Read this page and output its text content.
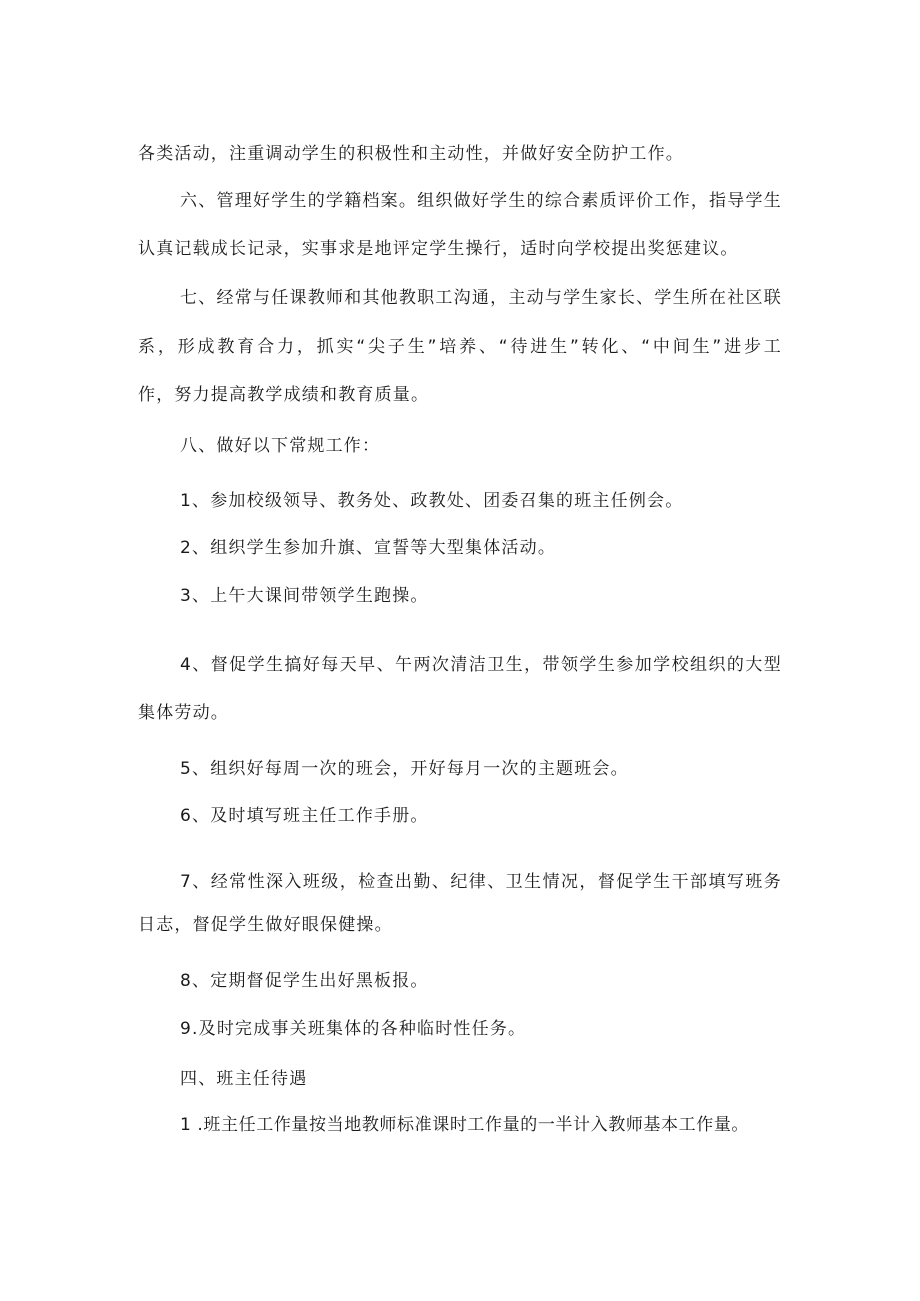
各类活动，注重调动学生的积极性和主动性，并做好安全防护工作。

六、管理好学生的学籍档案。组织做好学生的综合素质评价工作，指导学生

认真记载成长记录，实事求是地评定学生操行，适时向学校提出奖惩建议。

七、经常与任课教师和其他教职工沟通，主动与学生家长、学生所在社区联

系，形成教育合力，抓实“尖子生”培养、“待进生”转化、“中间生”进步工

作，努力提高教学成绩和教育质量。

八、做好以下常规工作：

1、参加校级领导、教务处、政教处、团委召集的班主任例会。

2、组织学生参加升旗、宣誓等大型集体活动。

3、上午大课间带领学生跑操。

4、督促学生搞好每天早、午两次清洁卫生，带领学生参加学校组织的大型

集体劳动。

5、组织好每周一次的班会，开好每月一次的主题班会。

6、及时填写班主任工作手册。

7、经常性深入班级，检查出勤、纪律、卫生情况，督促学生干部填写班务

日志，督促学生做好眼保健操。

8、定期督促学生出好黑板报。

9.及时完成事关班集体的各种临时性任务。

四、班主任待遇

1 .班主任工作量按当地教师标准课时工作量的一半计入教师基本工作量。
